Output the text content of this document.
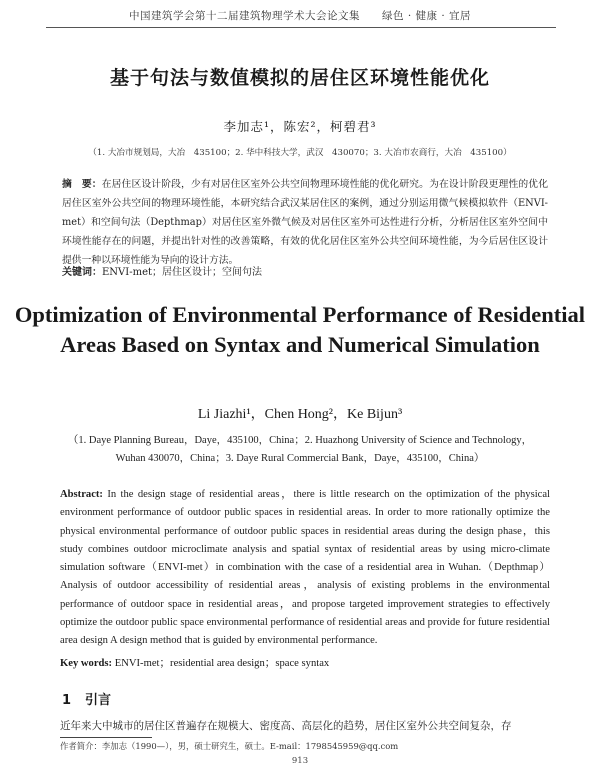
中国建筑学会第十二届建筑物理学术大会论文集　　绿色 · 健康 · 宜居
基于句法与数值模拟的居住区环境性能优化
李加志¹，陈宏²，柯碧君³
（1. 大冶市规划局，大冶　435100；2. 华中科技大学，武汉　430070；3. 大冶市农商行，大冶　435100）
摘　要：在居住区设计阶段，少有对居住区室外公共空间物理环境性能的优化研究。为在设计阶段更理性的优化居住区室外公共空间的物理环境性能，本研究结合武汉某居住区的案例，通过分别运用微气候模拟软件（ENVI-met）和空间句法（Depthmap）对居住区室外微气候及对居住区室外可达性进行分析，分析居住区室外空间中环境性能存在的问题，并提出针对性的改善策略，有效的优化居住区室外公共空间环境性能，为今后居住区设计提供一种以环境性能为导向的设计方法。
关键词：ENVI-met；居住区设计；空间句法
Optimization of Environmental Performance of Residential Areas Based on Syntax and Numerical Simulation
Li Jiazhi¹，Chen Hong²，Ke Bijun³
（1. Daye Planning Bureau，Daye，435100，China；2. Huazhong University of Science and Technology，Wuhan 430070，China；3. Daye Rural Commercial Bank，Daye，435100，China）
Abstract: In the design stage of residential areas，there is little research on the optimization of the physical environment performance of outdoor public spaces in residential areas. In order to more rationally optimize the physical environmental performance of outdoor public spaces in residential areas during the design phase，this study combines outdoor microclimate analysis and spatial syntax of residential areas by using micro-climate simulation software（ENVI-met）in combination with the case of a residential area in Wuhan.（Depthmap）Analysis of outdoor accessibility of residential areas，analysis of existing problems in the environmental performance of outdoor space in residential areas，and propose targeted improvement strategies to effectively optimize the outdoor public space environmental performance of residential areas and provide for future residential area design A design method that is guided by environmental performance.
Key words: ENVI-met；residential area design；space syntax
1 引言
近年来大中城市的居住区普遍存在规模大、密度高、高层化的趋势，居住区室外公共空间复杂，存
作者简介：李加志（1990—），男，硕士研究生，硕士。E-mail：1798545959@qq.com
913
